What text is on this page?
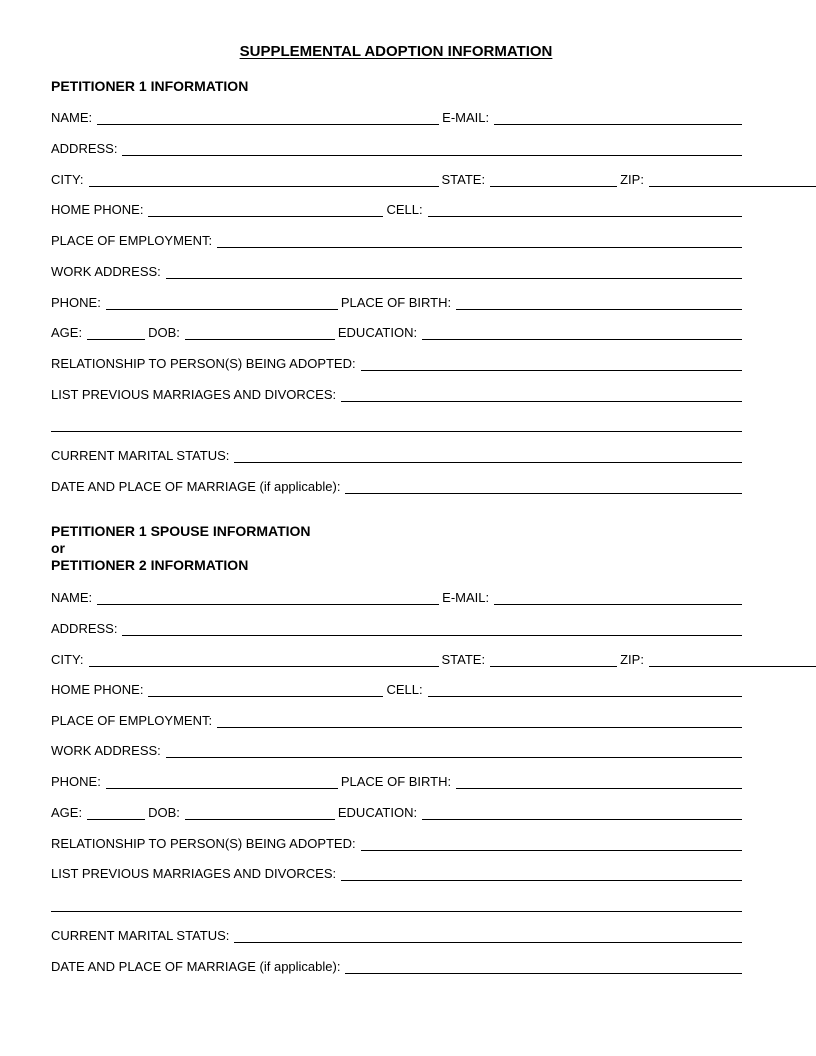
SUPPLEMENTAL ADOPTION INFORMATION
PETITIONER 1 INFORMATION
NAME:	E-MAIL:
ADDRESS:
CITY:	STATE:	ZIP:
HOME PHONE:	CELL:
PLACE OF EMPLOYMENT:
WORK ADDRESS:
PHONE:	PLACE OF BIRTH:
AGE:	DOB:	EDUCATION:
RELATIONSHIP TO PERSON(S) BEING ADOPTED:
LIST PREVIOUS MARRIAGES AND DIVORCES:
CURRENT MARITAL STATUS:
DATE AND PLACE OF MARRIAGE (if applicable):
PETITIONER 1 SPOUSE INFORMATION
or
PETITIONER 2 INFORMATION
NAME:	E-MAIL:
ADDRESS:
CITY:	STATE:	ZIP:
HOME PHONE:	CELL:
PLACE OF EMPLOYMENT:
WORK ADDRESS:
PHONE:	PLACE OF BIRTH:
AGE:	DOB:	EDUCATION:
RELATIONSHIP TO PERSON(S) BEING ADOPTED:
LIST PREVIOUS MARRIAGES AND DIVORCES:
CURRENT MARITAL STATUS:
DATE AND PLACE OF MARRIAGE (if applicable):
